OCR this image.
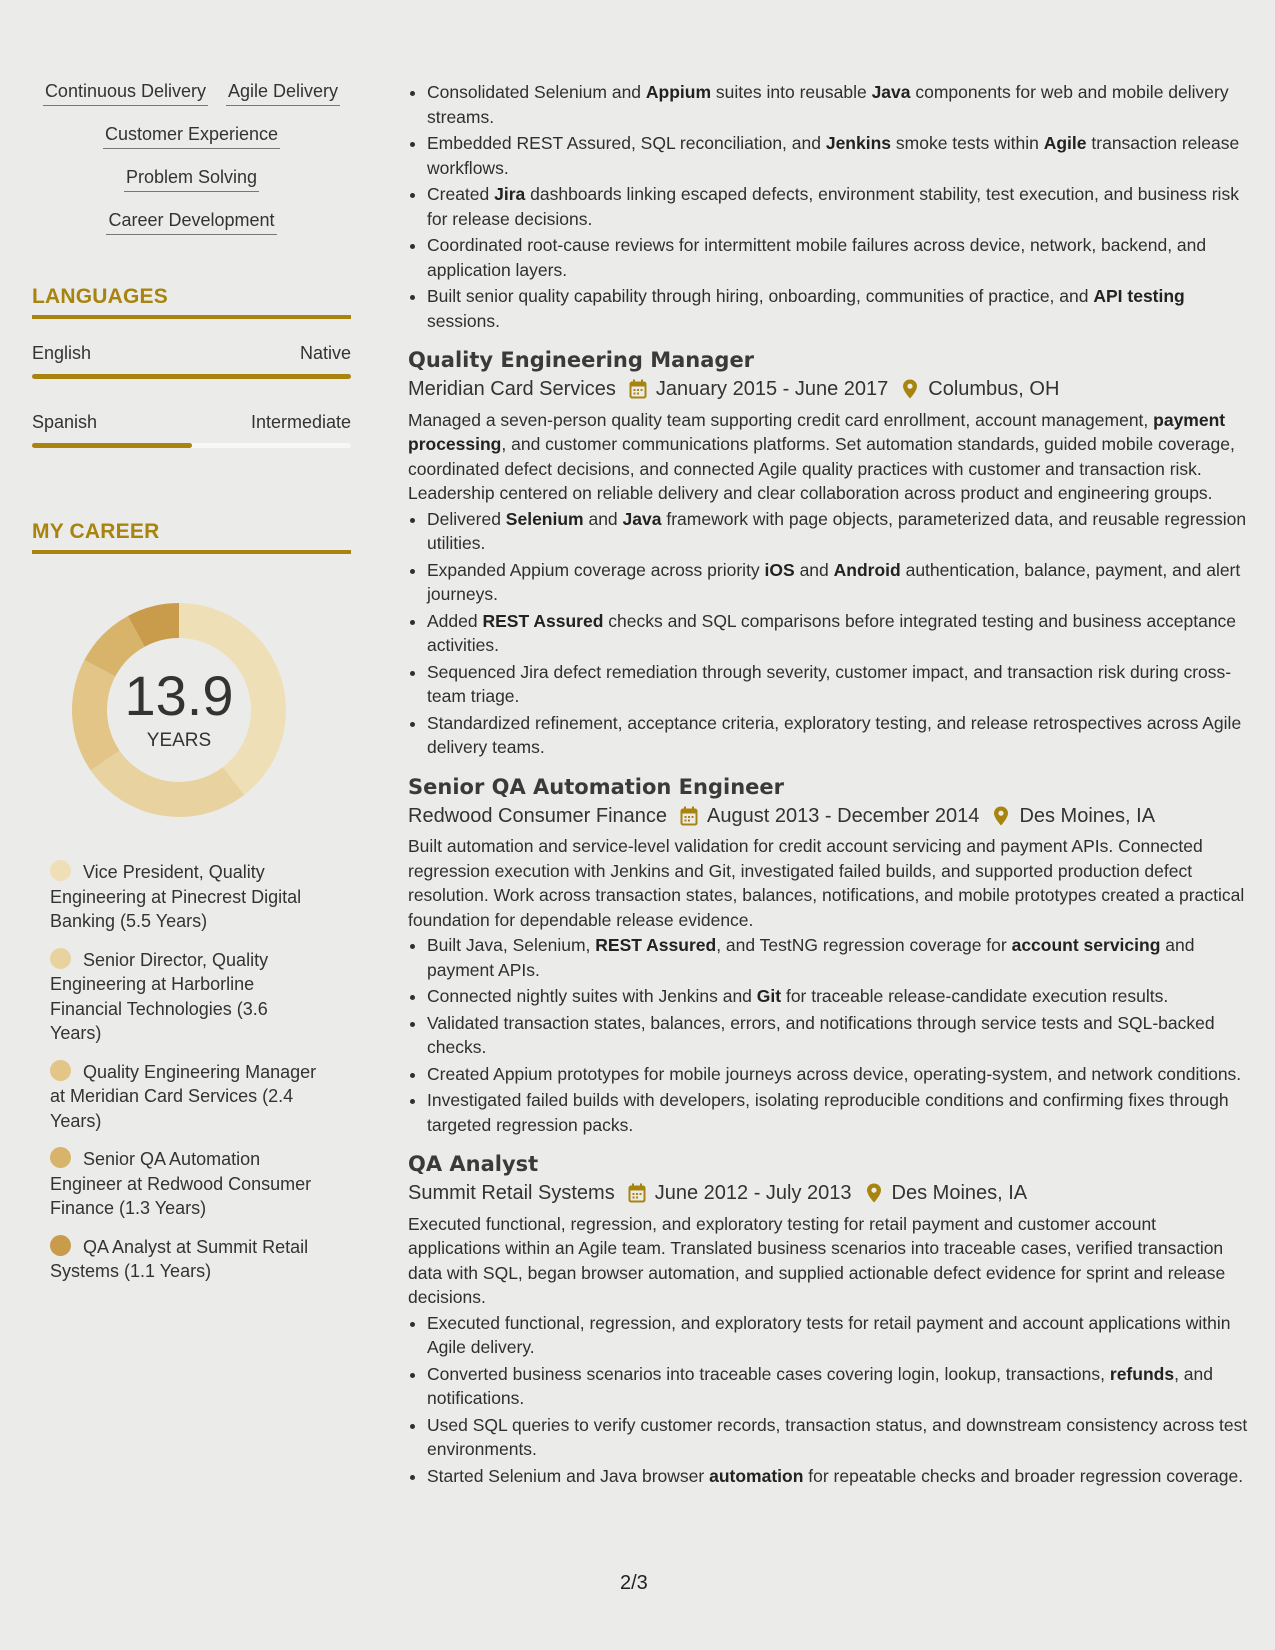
Continuous Delivery Agile Delivery
Customer Experience
Problem Solving
Career Development
LANGUAGES
English	Native
Spanish	Intermediate
MY CAREER
13.9
YEARS
Vice President, Quality Engineering at Pinecrest Digital Banking (5.5 Years)
Senior Director, Quality Engineering at Harborline Financial Technologies (3.6 Years)
Quality Engineering Manager at Meridian Card Services (2.4 Years)
Senior QA Automation Engineer at Redwood Consumer Finance (1.3 Years)
QA Analyst at Summit Retail Systems (1.1 Years)
• Consolidated Selenium and Appium suites into reusable Java components for web and mobile delivery streams.
• Embedded REST Assured, SQL reconciliation, and Jenkins smoke tests within Agile transaction release workflows.
• Created Jira dashboards linking escaped defects, environment stability, test execution, and business risk for release decisions.
• Coordinated root-cause reviews for intermittent mobile failures across device, network, backend, and application layers.
• Built senior quality capability through hiring, onboarding, communities of practice, and API testing sessions.
Quality Engineering Manager
Meridian Card Services January 2015 - June 2017 Columbus, OH
Managed a seven-person quality team supporting credit card enrollment, account management, payment processing, and customer communications platforms. Set automation standards, guided mobile coverage, coordinated defect decisions, and connected Agile quality practices with customer and transaction risk. Leadership centered on reliable delivery and clear collaboration across product and engineering groups.
• Delivered Selenium and Java framework with page objects, parameterized data, and reusable regression utilities.
• Expanded Appium coverage across priority iOS and Android authentication, balance, payment, and alert journeys.
• Added REST Assured checks and SQL comparisons before integrated testing and business acceptance activities.
• Sequenced Jira defect remediation through severity, customer impact, and transaction risk during cross-team triage.
• Standardized refinement, acceptance criteria, exploratory testing, and release retrospectives across Agile delivery teams.
Senior QA Automation Engineer
Redwood Consumer Finance August 2013 - December 2014 Des Moines, IA
Built automation and service-level validation for credit account servicing and payment APIs. Connected regression execution with Jenkins and Git, investigated failed builds, and supported production defect resolution. Work across transaction states, balances, notifications, and mobile prototypes created a practical foundation for dependable release evidence.
• Built Java, Selenium, REST Assured, and TestNG regression coverage for account servicing and payment APIs.
• Connected nightly suites with Jenkins and Git for traceable release-candidate execution results.
• Validated transaction states, balances, errors, and notifications through service tests and SQL-backed checks.
• Created Appium prototypes for mobile journeys across device, operating-system, and network conditions.
• Investigated failed builds with developers, isolating reproducible conditions and confirming fixes through targeted regression packs.
QA Analyst
Summit Retail Systems June 2012 - July 2013 Des Moines, IA
Executed functional, regression, and exploratory testing for retail payment and customer account applications within an Agile team. Translated business scenarios into traceable cases, verified transaction data with SQL, began browser automation, and supplied actionable defect evidence for sprint and release decisions.
• Executed functional, regression, and exploratory tests for retail payment and account applications within Agile delivery.
• Converted business scenarios into traceable cases covering login, lookup, transactions, refunds, and notifications.
• Used SQL queries to verify customer records, transaction status, and downstream consistency across test environments.
• Started Selenium and Java browser automation for repeatable checks and broader regression coverage.
2/3
